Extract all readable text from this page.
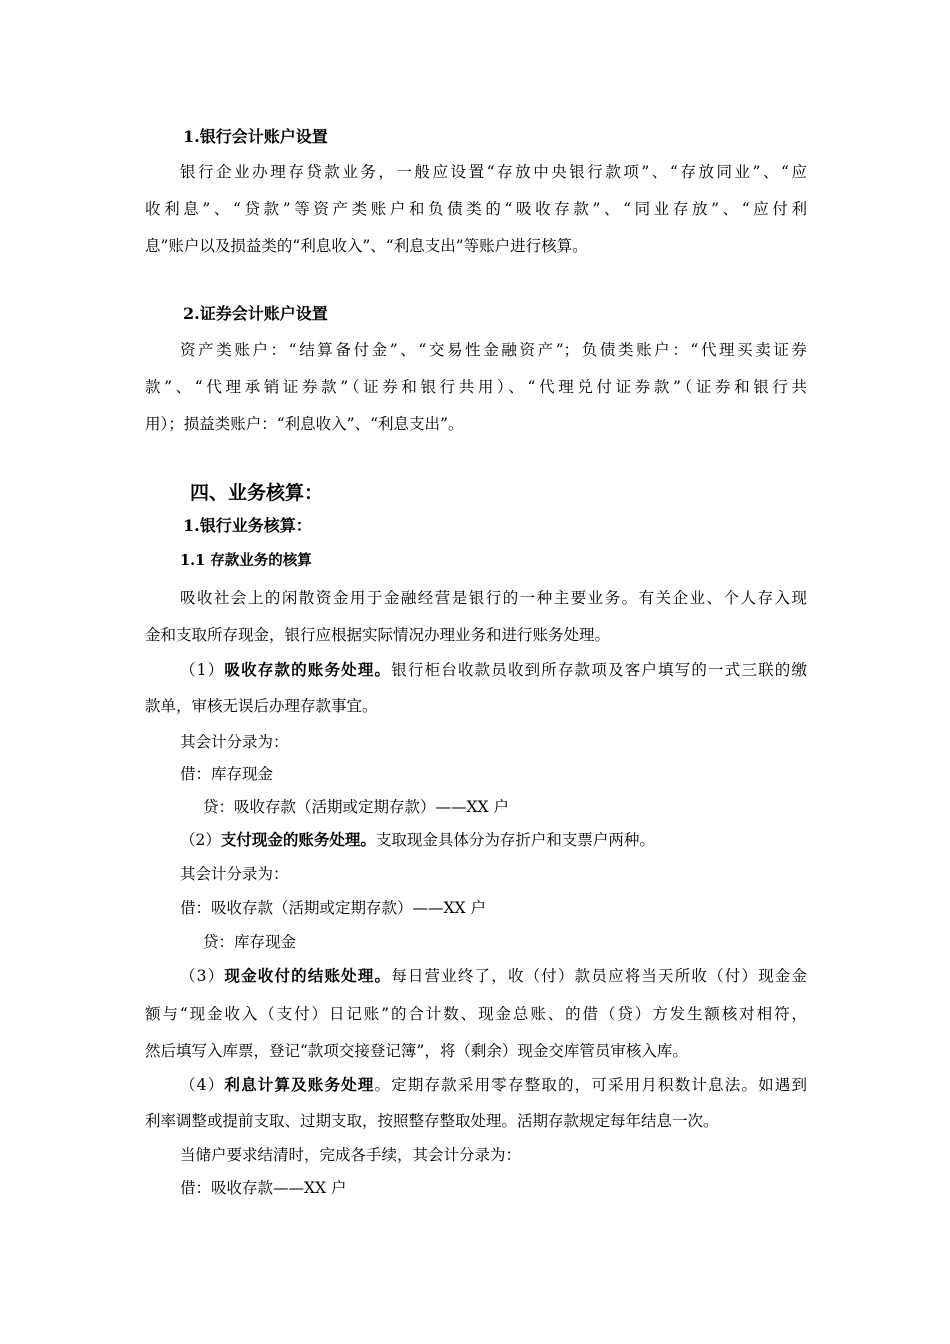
1.银行会计账户设置
银行企业办理存贷款业务，一般应设置“存放中央银行款项”、“存放同业”、“应
收利息”、“贷款”等资产类账户和负债类的“吸收存款”、“同业存放”、“应付利
息”账户以及损益类的“利息收入”、“利息支出”等账户进行核算。
2.证券会计账户设置
资产类账户：“结算备付金”、“交易性金融资产”；负债类账户：“代理买卖证券
款”、“代理承销证券款”（证券和银行共用）、“代理兑付证券款”（证券和银行共
用）；损益类账户：“利息收入”、“利息支出”。
四、业务核算：
1.银行业务核算：
1.1 存款业务的核算
吸收社会上的闲散资金用于金融经营是银行的一种主要业务。有关企业、个人存入现
金和支取所存现金，银行应根据实际情况办理业务和进行账务处理。
（1）吸收存款的账务处理。银行柜台收款员收到所存款项及客户填写的一式三联的缴
款单，审核无误后办理存款事宜。
其会计分录为：
借：库存现金
贷：吸收存款（活期或定期存款）——XX 户
（2）支付现金的账务处理。支取现金具体分为存折户和支票户两种。
其会计分录为：
借：吸收存款（活期或定期存款）——XX 户
贷：库存现金
（3）现金收付的结账处理。每日营业终了，收（付）款员应将当天所收（付）现金金
额与“现金收入（支付）日记账”的合计数、现金总账、的借（贷）方发生额核对相符，
然后填写入库票，登记“款项交接登记簿”，将（剩余）现金交库管员审核入库。
（4）利息计算及账务处理。定期存款采用零存整取的，可采用月积数计息法。如遇到
利率调整或提前支取、过期支取，按照整存整取处理。活期存款规定每年结息一次。
当储户要求结清时，完成各手续，其会计分录为：
借：吸收存款——XX 户
